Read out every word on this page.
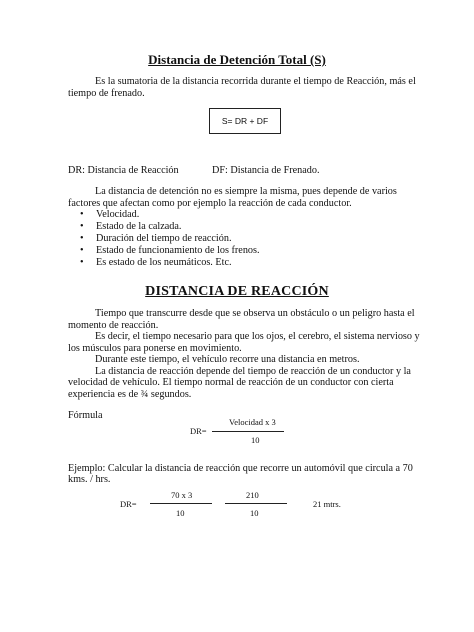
Distancia de Detención Total (S)
Es la sumatoria de la distancia recorrida durante el tiempo de Reacción, más el
tiempo de frenado.
S= DR + DF
DR: Distancia de Reacción	DF: Distancia de Frenado.
La distancia de detención no es siempre la misma, pues depende de varios
factores que afectan como por ejemplo la reacción de cada conductor.
• Velocidad.
• Estado de la calzada.
• Duración del tiempo de reacción.
• Estado de funcionamiento de los frenos.
• Es estado de los neumáticos. Etc.
DISTANCIA DE REACCIÓN
Tiempo que transcurre desde que se observa un obstáculo o un peligro hasta el
momento de reacción.
Es decir, el tiempo necesario para que los ojos, el cerebro, el sistema nervioso y
los músculos para ponerse en movimiento.
Durante este tiempo, el vehículo recorre una distancia en metros.
La distancia de reacción depende del tiempo de reacción de un conductor y la
velocidad de vehículo. El tiempo normal de reacción de un conductor con cierta
experiencia es de ¾ segundos.
Fórmula
Velocidad x 3
DR=
10
Ejemplo: Calcular la distancia de reacción que recorre un automóvil que circula a 70
kms. / hrs.
70 x 3	210
DR=	21 mtrs.
10	10
